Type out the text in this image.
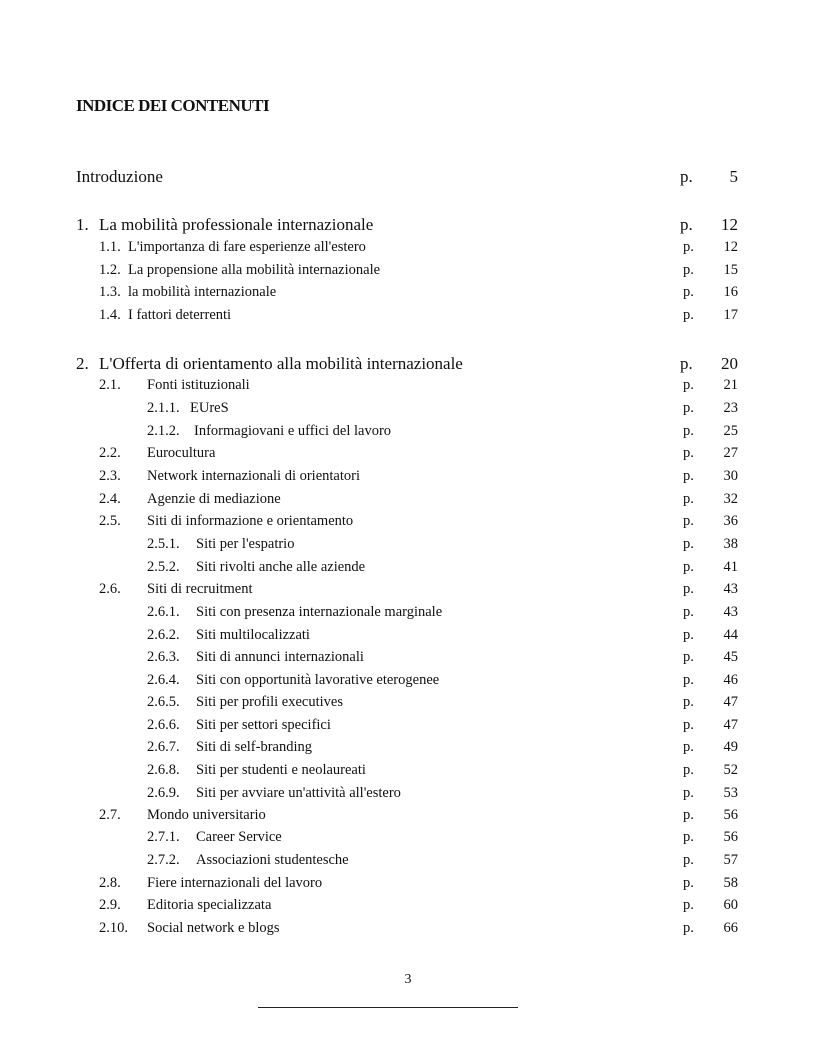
INDICE DEI CONTENUTI
Introduzione	p.	5
1. La mobilità professionale internazionale	p.	12
1.1. L'importanza di fare esperienze all'estero	p.	12
1.2. La propensione alla mobilità internazionale	p.	15
1.3. la mobilità internazionale	p.	16
1.4. I fattori deterrenti	p.	17
2. L'Offerta di orientamento alla mobilità internazionale	p.	20
2.1. Fonti istituzionali	p.	21
2.1.1. EUreS	p.	23
2.1.2. Informagiovani e uffici del lavoro	p.	25
2.2. Eurocultura	p.	27
2.3. Network internazionali di orientatori	p.	30
2.4. Agenzie di mediazione	p.	32
2.5. Siti di informazione e orientamento	p.	36
2.5.1. Siti per l'espatrio	p.	38
2.5.2. Siti rivolti anche alle aziende	p.	41
2.6. Siti di recruitment	p.	43
2.6.1. Siti con presenza internazionale marginale	p.	43
2.6.2. Siti multilocalizzati	p.	44
2.6.3. Siti di annunci internazionali	p.	45
2.6.4. Siti con opportunità lavorative eterogenee	p.	46
2.6.5. Siti per profili executives	p.	47
2.6.6. Siti per settori specifici	p.	47
2.6.7. Siti di self-branding	p.	49
2.6.8. Siti per studenti e neolaureati	p.	52
2.6.9. Siti per avviare un'attività all'estero	p.	53
2.7. Mondo universitario	p.	56
2.7.1. Career Service	p.	56
2.7.2. Associazioni studentesche	p.	57
2.8. Fiere internazionali del lavoro	p.	58
2.9. Editoria specializzata	p.	60
2.10. Social network e blogs	p.	66
3
